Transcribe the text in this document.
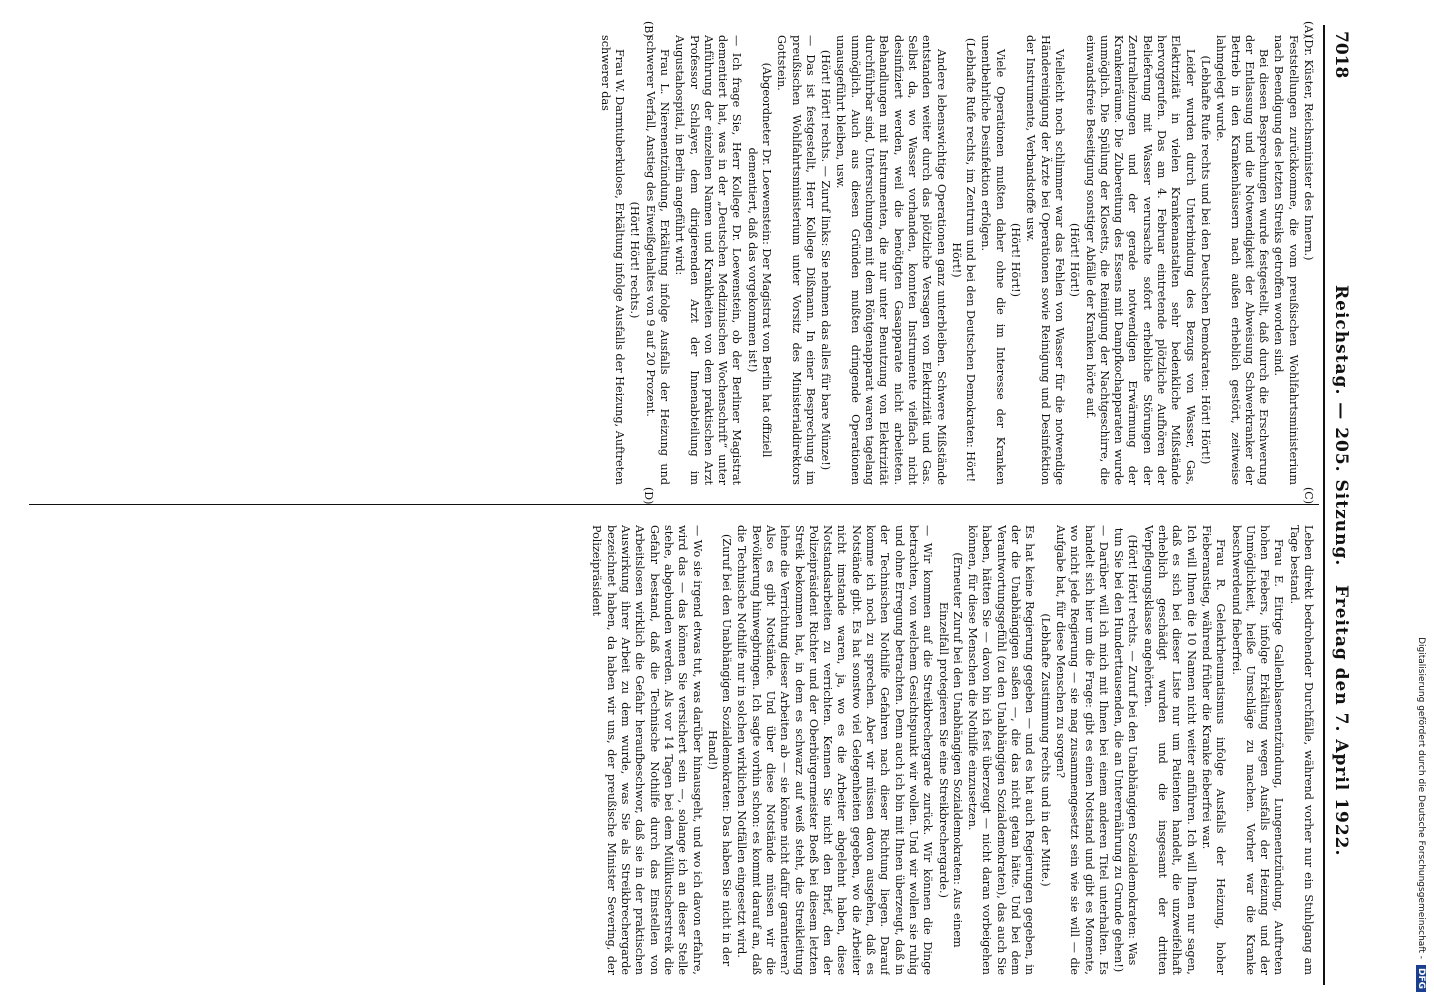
7018
Reichstag. — 205. Sitzung.
Freitag den 7. April 1922.
(A)
(B)
(C)
(D)

(Dr. Küster, Reichsminister des Innern.)

Feststellungen zurückkomme, die vom preußischen Wohlfahrtsministerium nach Beendigung des letzten Streiks getroffen worden sind.

Bei diesen Besprechungen wurde festgestellt, daß durch die Erschwerung der Entlassung und die Notwendigkeit der Abweisung Schwerkranker der Betrieb in den Krankenhäusern nach außen erheblich gestört, zeitweise lahmgelegt wurde.

(Lebhafte Rufe rechts und bei den Deutschen Demokraten: Hört! Hört!)

Leider wurden durch Unterbindung des Bezugs von Wasser, Gas, Elektrizität in vielen Krankenanstalten sehr bedenkliche Mißstände hervorgerufen. Das am 4. Februar eintretende plötzliche Aufhören der Belieferung mit Wasser verursachte sofort erhebliche Störungen der Zentralheizungen und der gerade notwendigen Erwärmung der Krankenräume. Die Zubereitung des Essens mit Dampfkochapparaten wurde unmöglich. Die Spülung der Klosetts, die Reinigung der Nachtgeschirre, die einwandsfreie Beseitigung sonstiger Abfälle der Kranken hörte auf.

(Hört! Hört!)

Vielleicht noch schlimmer war das Fehlen von Wasser für die notwendige Händereinigung der Ärzte bei Operationen sowie Reinigung und Desinfektion der Instrumente, Verbandstoffe usw.

(Hört! Hört!)

Viele Operationen mußten daher ohne die im Interesse der Kranken unentbehrliche Desinfektion erfolgen.

(Lebhafte Rufe rechts, im Zentrum und bei den Deutschen Demokraten: Hört! Hört!)

Andere lebenswichtige Operationen ganz unterbleiben. Schwere Mißstände entstanden weiter durch das plötzliche Versagen von Elektrizität und Gas. Selbst da, wo Wasser vorhanden, konnten Instrumente vielfach nicht desinfiziert werden, weil die benötigten Gasapparate nicht arbeiteten. Behandlungen mit Instrumenten, die nur unter Benutzung von Elektrizität durchführbar sind, Untersuchungen mit dem Röntgenapparat waren tagelang unmöglich. Auch aus diesen Gründen mußten dringende Operationen unausgeführt bleiben, usw.

(Hört! Hört! rechts. — Zuruf links: Sie nehmen das alles für bare Münze!)

— Das ist festgestellt, Herr Kollege Dißmann. In einer Besprechung im preußischen Wohlfahrtsministerium unter Vorsitz des Ministerialdirektors Gottstein.

(Abgeordneter Dr. Loewenstein: Der Magistrat von Berlin hat offiziell dementiert, daß das vorgekommen ist!)

— Ich frage Sie, Herr Kollege Dr. Loewenstein, ob der Berliner Magistrat dementiert hat, was in der „Deutschen Medizinischen Wochenschrift“ unter Anführung der einzelnen Namen und Krankheiten von dem praktischen Arzt Professor Schlayer, dem dirigierenden Arzt der Innenabteilung im Augustahospital, in Berlin angeführt wird:

Frau L. Nierenentzündung, Erkältung infolge Ausfalls der Heizung und schwerer Verfall, Anstieg des Eiweißgehaltes von 9 auf 20 Prozent.

(Hört! Hört! rechts.)

Frau W. Darmtuberkulose, Erkältung infolge Ausfalls der Heizung, Auftreten schwerer das

Leben direkt bedrohender Durchfälle, während vorher nur ein Stuhlgang am Tage bestand.

Frau E. Eitrige Gallenblasenentzündung, Lungenentzündung, Auftreten hohen Fiebers, infolge Erkältung wegen Ausfalls der Heizung und der Unmöglichkeit, heiße Umschläge zu machen. Vorher war die Kranke beschwerdeund fieberfrei.

Frau R. Gelenkrheumatismus infolge Ausfalls der Heizung, hoher Fieberanstieg, während früher die Kranke fieberfrei war.

Ich will Ihnen die 10 Namen nicht weiter anführen. Ich will Ihnen nur sagen, daß es sich bei dieser Liste nur um Patienten handelt, die unzweifelhaft erheblich geschädigt wurden und die insgesamt der dritten Verpflegungsklasse angehörten.

(Hört! Hört! rechts. — Zuruf bei den Unabhängigen Sozialdemokraten: Was tun Sie bei den Hunderttausenden, die an Unterernährung zu Grunde gehen!)

— Darüber will ich mich mit Ihnen bei einem anderen Titel unterhalten. Es handelt sich hier um die Frage: gibt es einen Notstand und gibt es Momente, wo nicht jede Regierung — sie mag zusammengesetzt sein wie sie will — die Aufgabe hat, für diese Menschen zu sorgen?

(Lebhafte Zustimmung rechts und in der Mitte.)

Es hat keine Regierung gegeben — und es hat auch Regierungen gegeben, in der die Unabhängigen saßen —, die das nicht getan hätte. Und bei dem Verantwortungsgefühl (zu den Unabhängigen Sozialdemokraten), das auch Sie haben, hätten Sie — davon bin ich fest überzeugt — nicht daran vorbeigehen können, für diese Menschen die Nothilfe einzusetzen.

(Erneuter Zuruf bei den Unabhängigen Sozialdemokraten: Aus einem Einzelfall protegieren Sie eine Streikbrechergarde.)

— Wir kommen auf die Streikbrechergarde zurück. Wir können die Dinge betrachten, von welchem Gesichtspunkt wir wollen. Und wir wollen sie ruhig und ohne Erregung betrachten. Denn auch ich bin mit Ihnen überzeugt, daß in der Technischen Nothilfe Gefahren nach dieser Richtung liegen. Darauf komme ich noch zu sprechen. Aber wir müssen davon ausgehen, daß es Notstände gibt. Es hat sonstwo viel Gelegenheiten gegeben, wo die Arbeiter nicht imstande waren, ja, wo es die Arbeiter abgelehnt haben, diese Notstandsarbeiten zu verrichten. Kennen Sie nicht den Brief, den der Polizeipräsident Richter und der Oberbürgermeister Boeß bei diesem letzten Streik bekommen hat, in dem es schwarz auf weiß steht, die Streikleitung lehne die Verrichtung dieser Arbeiten ab — sie könne nicht dafür garantieren? Also es gibt Notstände. Und über diese Notstände müssen wir die Bevölkerung hinwegbringen. Ich sagte vorhin schon: es kommt darauf an, daß die Technische Nothilfe nur in solchen wirklichen Notfällen eingesetzt wird.

(Zuruf bei den Unabhängigen Sozialdemokraten: Das haben Sie nicht in der Hand!)

— Wo sie irgend etwas tut, was darüber hinausgeht, und wo ich davon erfahre, wird das — das können Sie versichert sein —, solange ich an dieser Stelle stehe, abgebunden werden. Als vor 14 Tagen bei dem Müllkutscherstreik die Gefahr bestand, daß die Technische Nothilfe durch das Einstellen von Arbeitslosen wirklich die Gefahr heraufbeschwor, daß sie in der praktischen Auswirkung ihrer Arbeit zu dem wurde, was Sie als Streikbrechergarde bezeichnet haben, da haben wir uns, der preußische Minister Severing, der Polizeipräsident

Digitalisierung gefördert durch die Deutsche Forschungsgemeinschaft -DFG
